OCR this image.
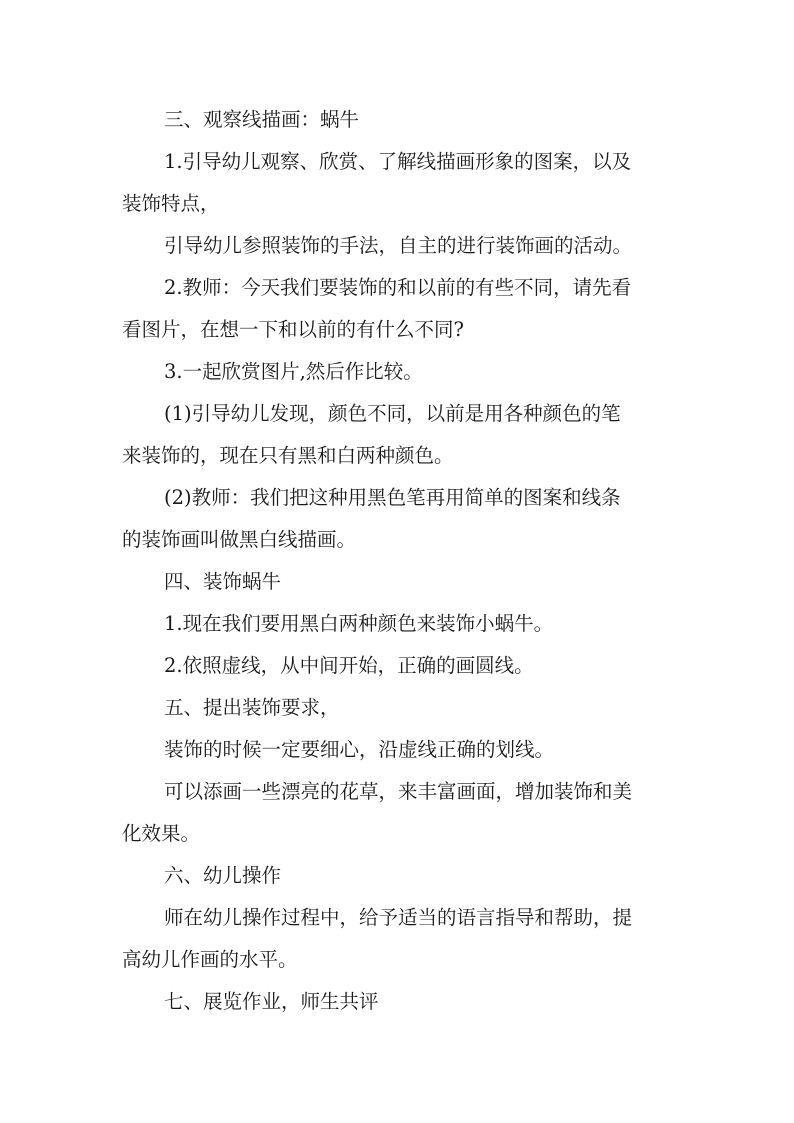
三、观察线描画：蜗牛
1.引导幼儿观察、欣赏、了解线描画形象的图案，以及
装饰特点，
引导幼儿参照装饰的手法，自主的进行装饰画的活动。
2.教师：今天我们要装饰的和以前的有些不同，请先看
看图片，在想一下和以前的有什么不同?
3.一起欣赏图片,然后作比较。
(1)引导幼儿发现，颜色不同，以前是用各种颜色的笔
来装饰的，现在只有黑和白两种颜色。
(2)教师：我们把这种用黑色笔再用简单的图案和线条
的装饰画叫做黑白线描画。
四、装饰蜗牛
1.现在我们要用黑白两种颜色来装饰小蜗牛。
2.依照虚线，从中间开始，正确的画圆线。
五、提出装饰要求，
装饰的时候一定要细心，沿虚线正确的划线。
可以添画一些漂亮的花草，来丰富画面，增加装饰和美
化效果。
六、幼儿操作
师在幼儿操作过程中，给予适当的语言指导和帮助，提
高幼儿作画的水平。
七、展览作业，师生共评
